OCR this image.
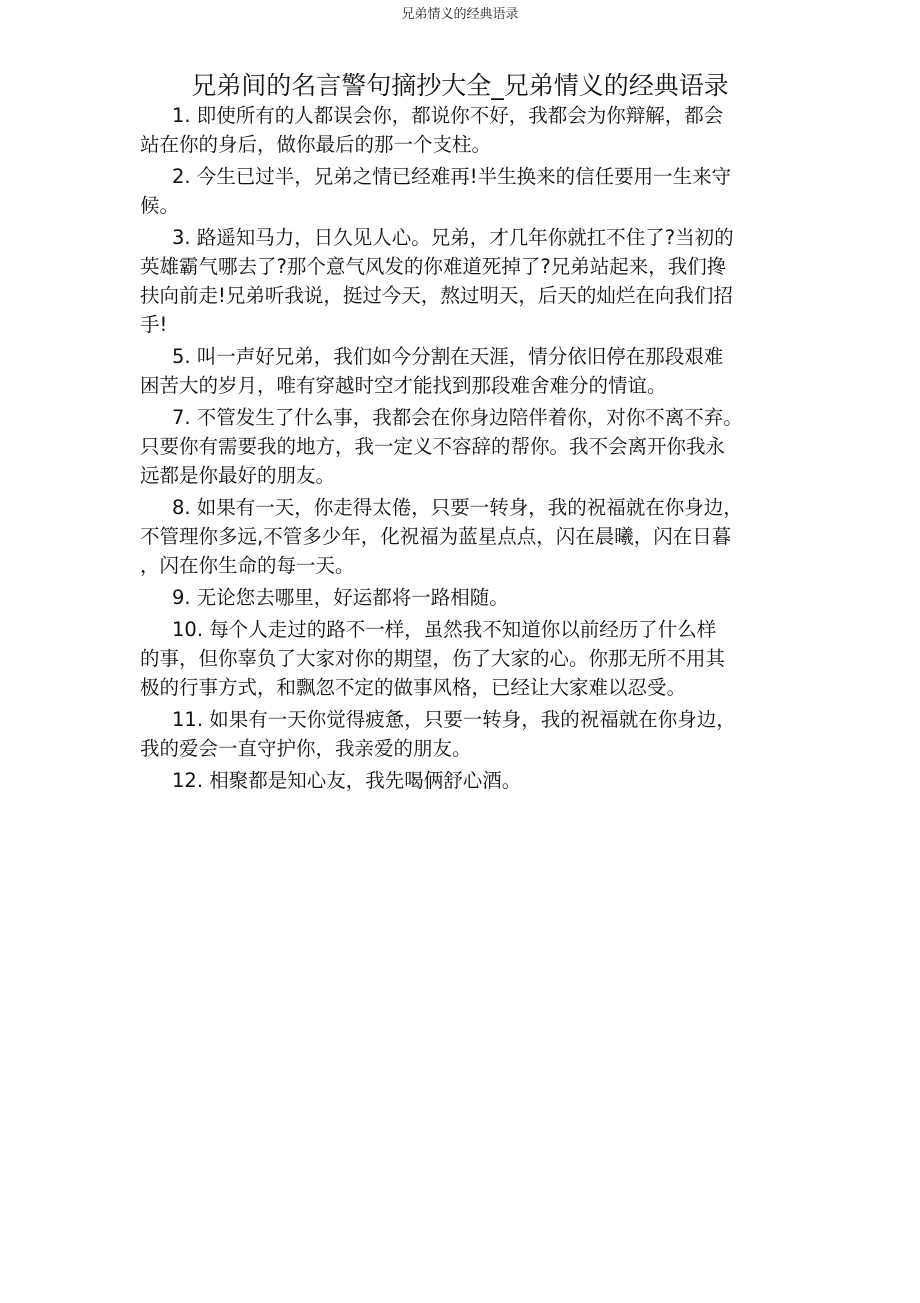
兄弟情义的经典语录
兄弟间的名言警句摘抄大全_兄弟情义的经典语录
1. 即使所有的人都误会你，都说你不好，我都会为你辩解，都会
站在你的身后，做你最后的那一个支柱。
2. 今生已过半，兄弟之情已经难再!半生换来的信任要用一生来守
候。
3. 路遥知马力，日久见人心。兄弟，才几年你就扛不住了?当初的
英雄霸气哪去了?那个意气风发的你难道死掉了?兄弟站起来，我们搀
扶向前走!兄弟听我说，挺过今天，熬过明天，后天的灿烂在向我们招
手!
5. 叫一声好兄弟，我们如今分割在天涯，情分依旧停在那段艰难
困苦大的岁月，唯有穿越时空才能找到那段难舍难分的情谊。
7. 不管发生了什么事，我都会在你身边陪伴着你，对你不离不弃。
只要你有需要我的地方，我一定义不容辞的帮你。我不会离开你我永
远都是你最好的朋友。
8. 如果有一天，你走得太倦，只要一转身，我的祝福就在你身边，
不管理你多远,不管多少年，化祝福为蓝星点点，闪在晨曦，闪在日暮
，闪在你生命的每一天。
9. 无论您去哪里，好运都将一路相随。
10. 每个人走过的路不一样，虽然我不知道你以前经历了什么样
的事，但你辜负了大家对你的期望，伤了大家的心。你那无所不用其
极的行事方式，和飘忽不定的做事风格，已经让大家难以忍受。
11. 如果有一天你觉得疲惫，只要一转身，我的祝福就在你身边，
我的爱会一直守护你，我亲爱的朋友。
12. 相聚都是知心友，我先喝俩舒心酒。
